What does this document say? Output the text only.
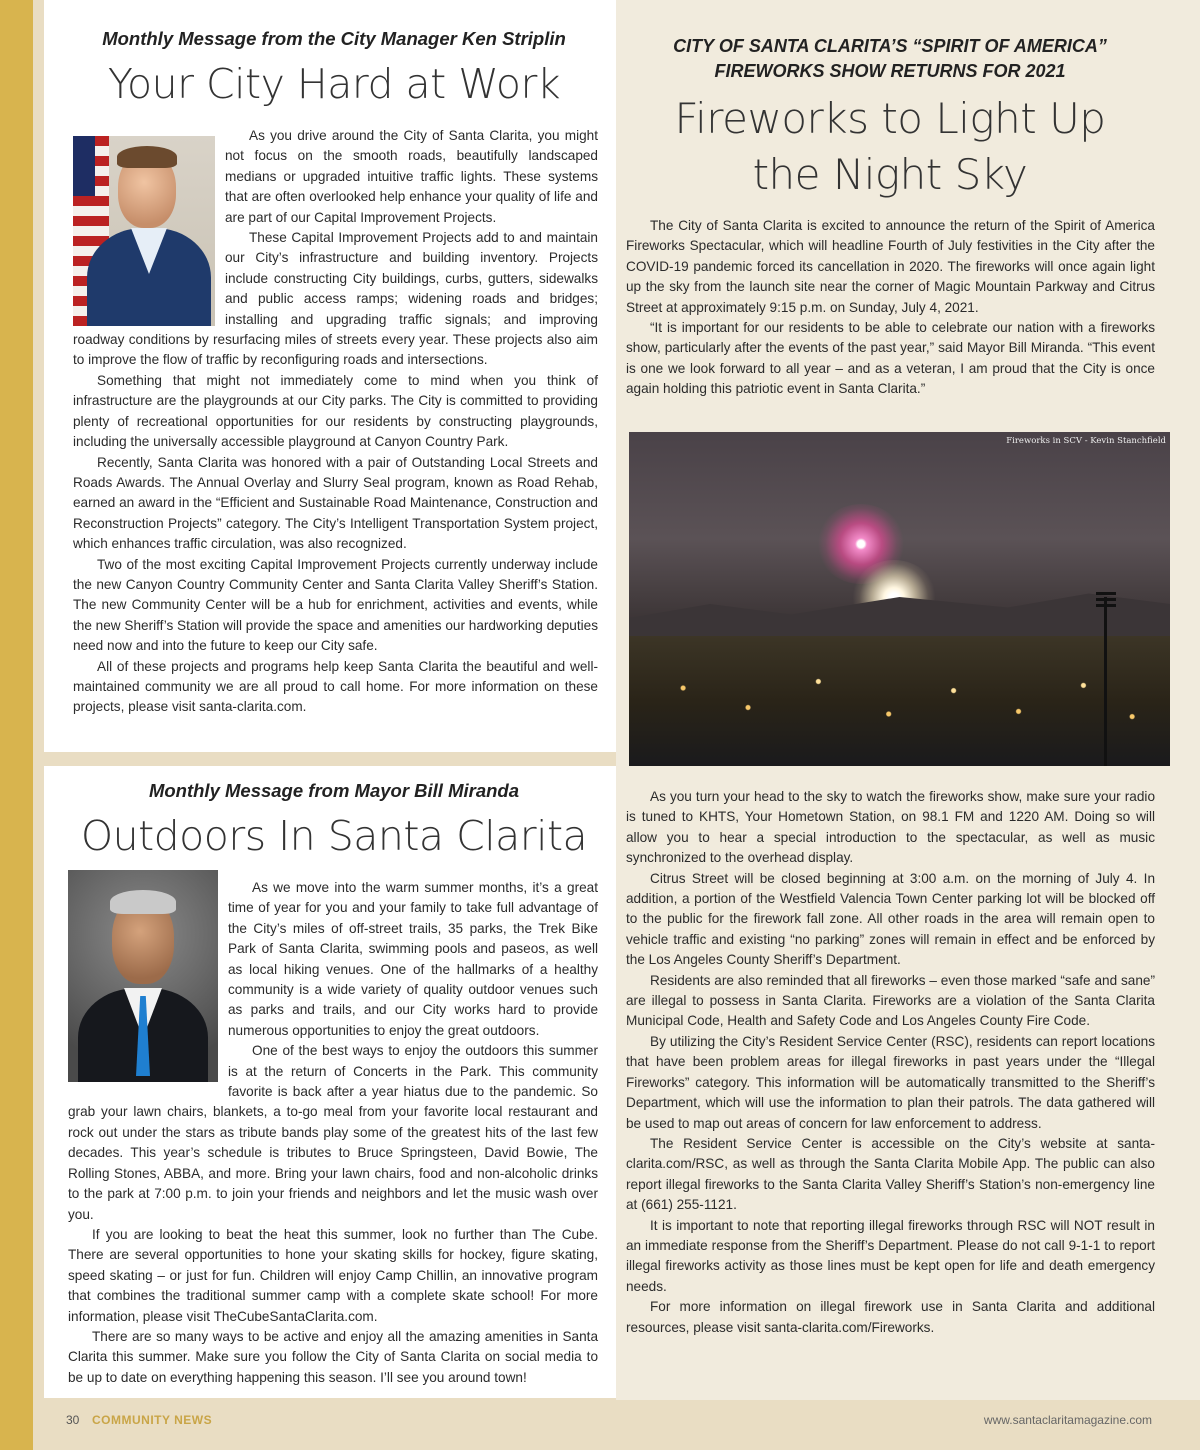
Monthly Message from the City Manager Ken Striplin
Your City Hard at Work

As you drive around the City of Santa Clarita, you might not focus on the smooth roads, beautifully landscaped medians or upgraded intuitive traffic lights. These systems that are often overlooked help enhance your quality of life and are part of our Capital Improvement Projects.

These Capital Improvement Projects add to and maintain our City’s infrastructure and building inventory. Projects include constructing City buildings, curbs, gutters, sidewalks and public access ramps; widening roads and bridges; installing and upgrading traffic signals; and improving roadway conditions by resurfacing miles of streets every year. These projects also aim to improve the flow of traffic by reconfiguring roads and intersections.

Something that might not immediately come to mind when you think of infrastructure are the playgrounds at our City parks. The City is committed to providing plenty of recreational opportunities for our residents by constructing playgrounds, including the universally accessible playground at Canyon Country Park.

Recently, Santa Clarita was honored with a pair of Outstanding Local Streets and Roads Awards. The Annual Overlay and Slurry Seal program, known as Road Rehab, earned an award in the “Efficient and Sustainable Road Maintenance, Construction and Reconstruction Projects” category. The City’s Intelligent Transportation System project, which enhances traffic circulation, was also recognized.

Two of the most exciting Capital Improvement Projects currently underway include the new Canyon Country Community Center and Santa Clarita Valley Sheriff’s Station. The new Community Center will be a hub for enrichment, activities and events, while the new Sheriff’s Station will provide the space and amenities our hardworking deputies need now and into the future to keep our City safe.

All of these projects and programs help keep Santa Clarita the beautiful and well-maintained community we are all proud to call home. For more information on these projects, please visit santa-clarita.com.

Monthly Message from Mayor Bill Miranda
Outdoors In Santa Clarita

As we move into the warm summer months, it’s a great time of year for you and your family to take full advantage of the City’s miles of off-street trails, 35 parks, the Trek Bike Park of Santa Clarita, swimming pools and paseos, as well as local hiking venues. One of the hallmarks of a healthy community is a wide variety of quality outdoor venues such as parks and trails, and our City works hard to provide numerous opportunities to enjoy the great outdoors.

One of the best ways to enjoy the outdoors this summer is at the return of Concerts in the Park. This community favorite is back after a year hiatus due to the pandemic. So grab your lawn chairs, blankets, a to-go meal from your favorite local restaurant and rock out under the stars as tribute bands play some of the greatest hits of the last few decades. This year’s schedule is tributes to Bruce Springsteen, David Bowie, The Rolling Stones, ABBA, and more. Bring your lawn chairs, food and non-alcoholic drinks to the park at 7:00 p.m. to join your friends and neighbors and let the music wash over you.

If you are looking to beat the heat this summer, look no further than The Cube. There are several opportunities to hone your skating skills for hockey, figure skating, speed skating – or just for fun. Children will enjoy Camp Chillin, an innovative program that combines the traditional summer camp with a complete skate school! For more information, please visit TheCubeSantaClarita.com.

There are so many ways to be active and enjoy all the amazing amenities in Santa Clarita this summer. Make sure you follow the City of Santa Clarita on social media to be up to date on everything happening this season. I’ll see you around town!

CITY OF SANTA CLARITA’S “SPIRIT OF AMERICA”
FIREWORKS SHOW RETURNS FOR 2021
Fireworks to Light Up
the Night Sky

The City of Santa Clarita is excited to announce the return of the Spirit of America Fireworks Spectacular, which will headline Fourth of July festivities in the City after the COVID-19 pandemic forced its cancellation in 2020. The fireworks will once again light up the sky from the launch site near the corner of Magic Mountain Parkway and Citrus Street at approximately 9:15 p.m. on Sunday, July 4, 2021.

“It is important for our residents to be able to celebrate our nation with a fireworks show, particularly after the events of the past year,” said Mayor Bill Miranda. “This event is one we look forward to all year – and as a veteran, I am proud that the City is once again holding this patriotic event in Santa Clarita.”

Fireworks in SCV - Kevin Stanchfield

As you turn your head to the sky to watch the fireworks show, make sure your radio is tuned to KHTS, Your Hometown Station, on 98.1 FM and 1220 AM. Doing so will allow you to hear a special introduction to the spectacular, as well as music synchronized to the overhead display.

Citrus Street will be closed beginning at 3:00 a.m. on the morning of July 4. In addition, a portion of the Westfield Valencia Town Center parking lot will be blocked off to the public for the firework fall zone. All other roads in the area will remain open to vehicle traffic and existing “no parking” zones will remain in effect and be enforced by the Los Angeles County Sheriff’s Department.

Residents are also reminded that all fireworks – even those marked “safe and sane” are illegal to possess in Santa Clarita. Fireworks are a violation of the Santa Clarita Municipal Code, Health and Safety Code and Los Angeles County Fire Code.

By utilizing the City’s Resident Service Center (RSC), residents can report locations that have been problem areas for illegal fireworks in past years under the “Illegal Fireworks” category. This information will be automatically transmitted to the Sheriff’s Department, which will use the information to plan their patrols. The data gathered will be used to map out areas of concern for law enforcement to address.

The Resident Service Center is accessible on the City’s website at santa-clarita.com/RSC, as well as through the Santa Clarita Mobile App. The public can also report illegal fireworks to the Santa Clarita Valley Sheriff’s Station’s non-emergency line at (661) 255-1121.

It is important to note that reporting illegal fireworks through RSC will NOT result in an immediate response from the Sheriff’s Department. Please do not call 9-1-1 to report illegal fireworks activity as those lines must be kept open for life and death emergency needs.

For more information on illegal firework use in Santa Clarita and additional resources, please visit santa-clarita.com/Fireworks.

30 COMMUNITY NEWS	www.santaclaritamagazine.com
